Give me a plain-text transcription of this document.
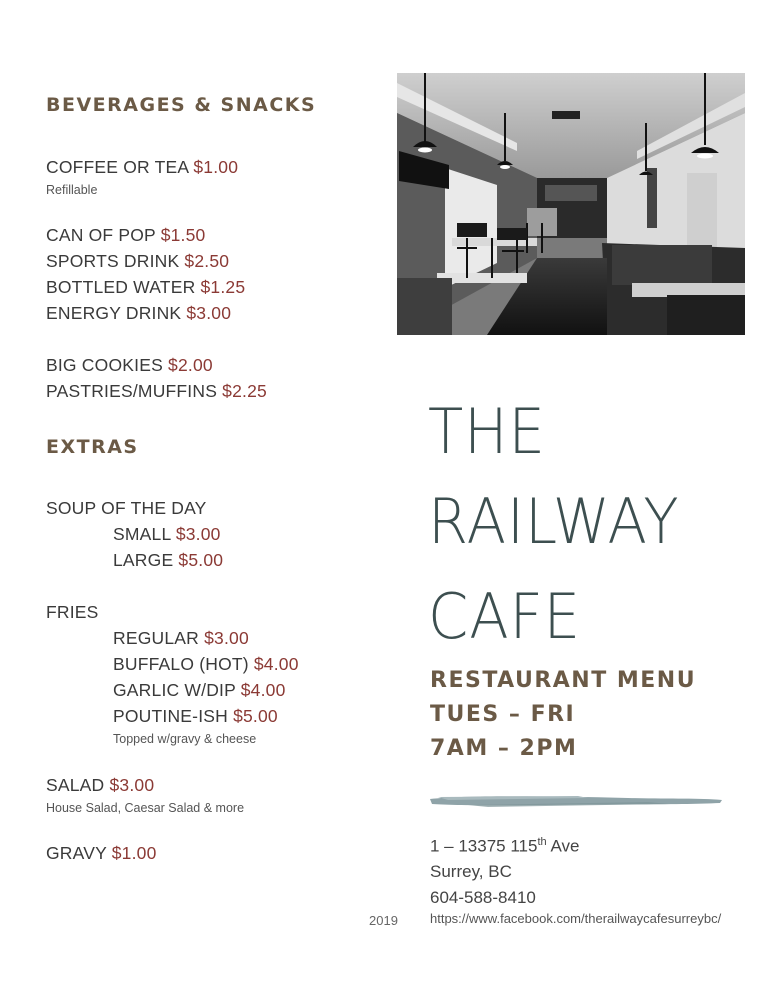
BEVERAGES & SNACKS
COFFEE OR TEA $1.00
Refillable
CAN OF POP $1.50
SPORTS DRINK $2.50
BOTTLED WATER $1.25
ENERGY DRINK $3.00
BIG COOKIES $2.00
PASTRIES/MUFFINS $2.25
EXTRAS
SOUP OF THE DAY
SMALL $3.00
LARGE $5.00
FRIES
REGULAR $3.00
BUFFALO (HOT) $4.00
GARLIC W/DIP $4.00
POUTINE-ISH $5.00
Topped w/gravy & cheese
SALAD $3.00
House Salad, Caesar Salad & more
GRAVY $1.00
THE
RAILWAY
CAFE
RESTAURANT MENU
TUES – FRI
7AM – 2PM
1 – 13375 115th Ave
Surrey, BC
604-588-8410
https://www.facebook.com/therailwaycafesurreybc/
2019
